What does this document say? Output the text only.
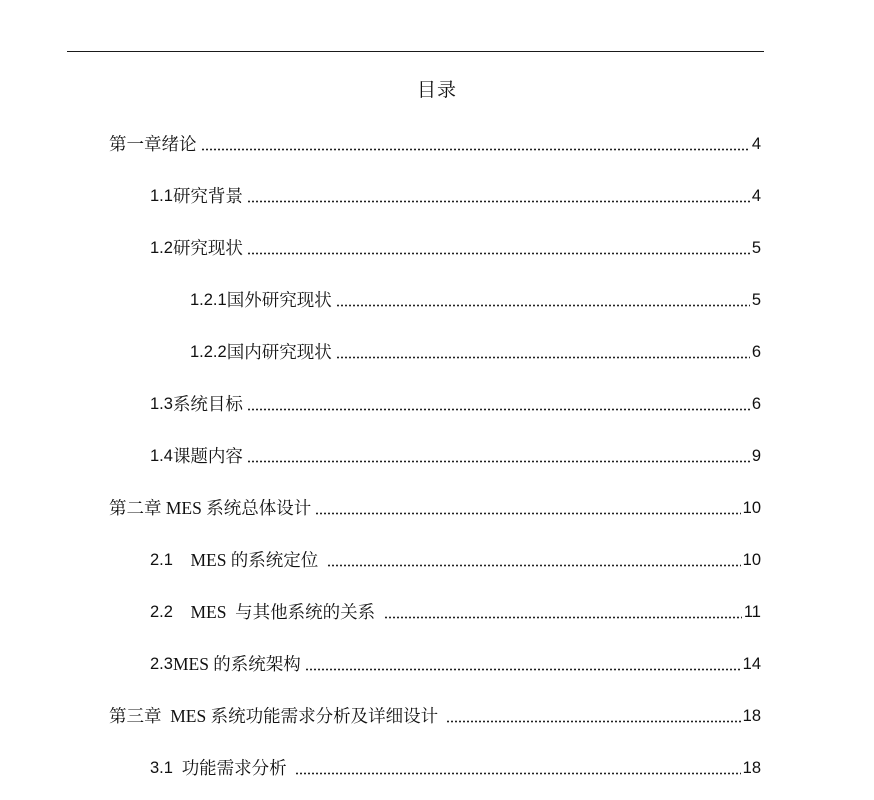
目录
第一章绪论	4
1.1 研究背景	4
1.2 研究现状	5
1.2.1 国外研究现状	5
1.2.2 国内研究现状	6
1.3 系统目标	6
1.4 课题内容	9
第二章 MES 系统总体设计	10
2.1 MES 的系统定位	10
2.2 MES  与其他系统的关系	11
2.3 MES 的系统架构	14
第三章  MES 系统功能需求分析及详细设计	18
3.1 功能需求分析	18
